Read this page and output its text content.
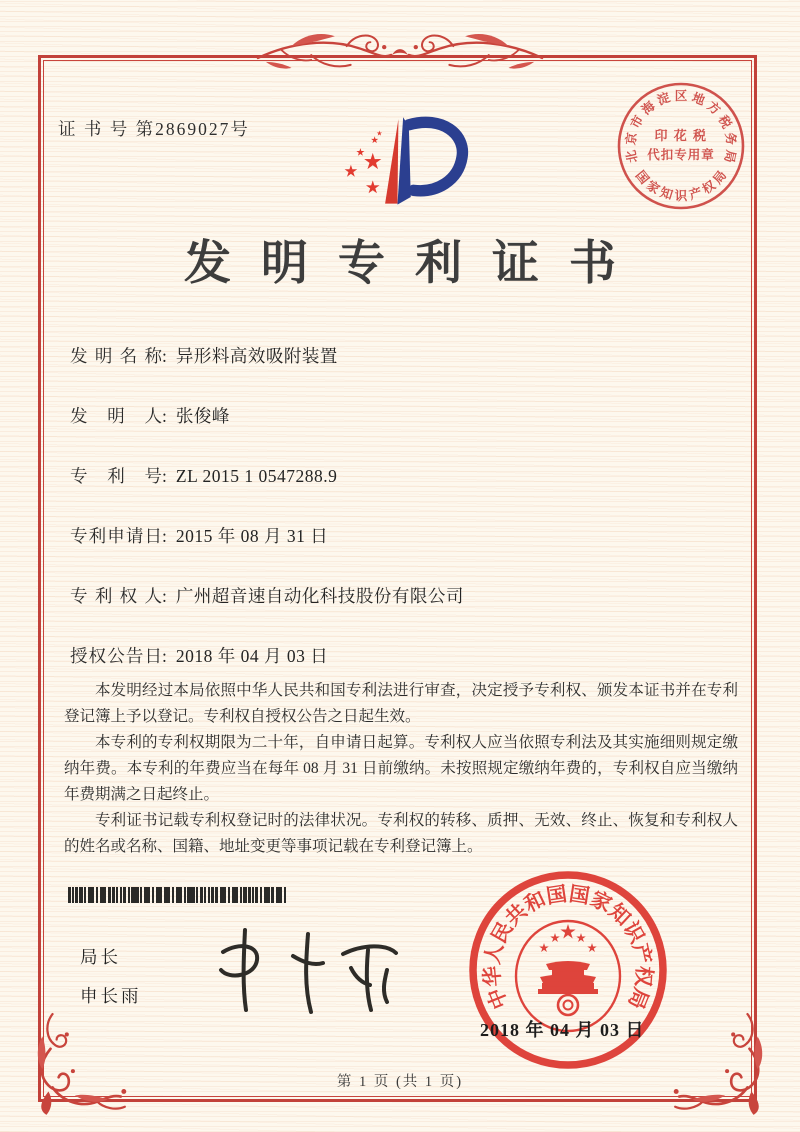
证 书 号 第2869027号
北
京
市
海
淀 区 地
方
税
务
局
国
家
知 识 产
权
局
印 花 税
代扣专用章
发明专利证书
发明名称: 异形料高效吸附装置
发明人: 张俊峰
专利号: ZL 2015 1 0547288.9
专利申请日: 2015 年 08 月 31 日
专利权人: 广州超音速自动化科技股份有限公司
授权公告日: 2018 年 04 月 03 日

本发明经过本局依照中华人民共和国专利法进行审查，决定授予专利权、颁发本证书并在专利登记簿上予以登记。专利权自授权公告之日起生效。

本专利的专利权期限为二十年，自申请日起算。专利权人应当依照专利法及其实施细则规定缴纳年费。本专利的年费应当在每年 08 月 31 日前缴纳。未按照规定缴纳年费的，专利权自应当缴纳年费期满之日起终止。

专利证书记载专利权登记时的法律状况。专利权的转移、质押、无效、终止、恢复和专利权人的姓名或名称、国籍、地址变更等事项记载在专利登记簿上。

局长
申长雨	中
华
人
民
共
和
国
国
家
知
识
产
权
局
2018 年 04 月 03 日
第 1 页 (共 1 页)
